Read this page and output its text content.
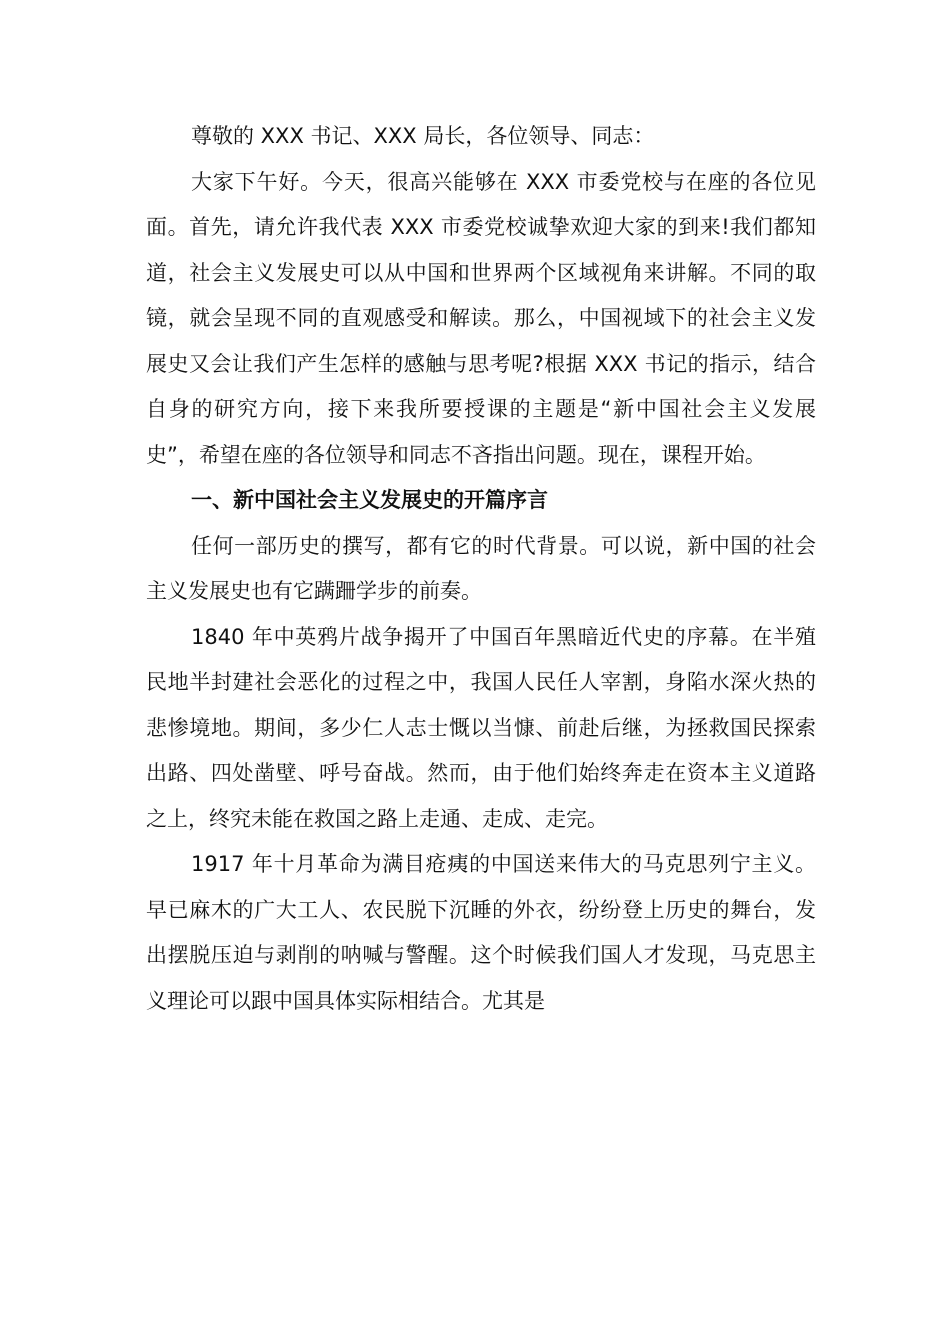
尊敬的 XXX 书记、XXX 局长，各位领导、同志：

大家下午好。今天，很高兴能够在 XXX 市委党校与在座的各位见面。首先，请允许我代表 XXX 市委党校诚挚欢迎大家的到来!我们都知道，社会主义发展史可以从中国和世界两个区域视角来讲解。不同的取镜，就会呈现不同的直观感受和解读。那么，中国视域下的社会主义发展史又会让我们产生怎样的感触与思考呢?根据 XXX 书记的指示，结合自身的研究方向，接下来我所要授课的主题是“新中国社会主义发展史”，希望在座的各位领导和同志不吝指出问题。现在，课程开始。

一、新中国社会主义发展史的开篇序言

任何一部历史的撰写，都有它的时代背景。可以说，新中国的社会主义发展史也有它蹒跚学步的前奏。

1840 年中英鸦片战争揭开了中国百年黑暗近代史的序幕。在半殖民地半封建社会恶化的过程之中，我国人民任人宰割，身陷水深火热的悲惨境地。期间，多少仁人志士慨以当慷、前赴后继，为拯救国民探索出路、四处凿壁、呼号奋战。然而，由于他们始终奔走在资本主义道路之上，终究未能在救国之路上走通、走成、走完。

1917 年十月革命为满目疮痍的中国送来伟大的马克思列宁主义。早已麻木的广大工人、农民脱下沉睡的外衣，纷纷登上历史的舞台，发出摆脱压迫与剥削的呐喊与警醒。这个时候我们国人才发现，马克思主义理论可以跟中国具体实际相结合。尤其是
